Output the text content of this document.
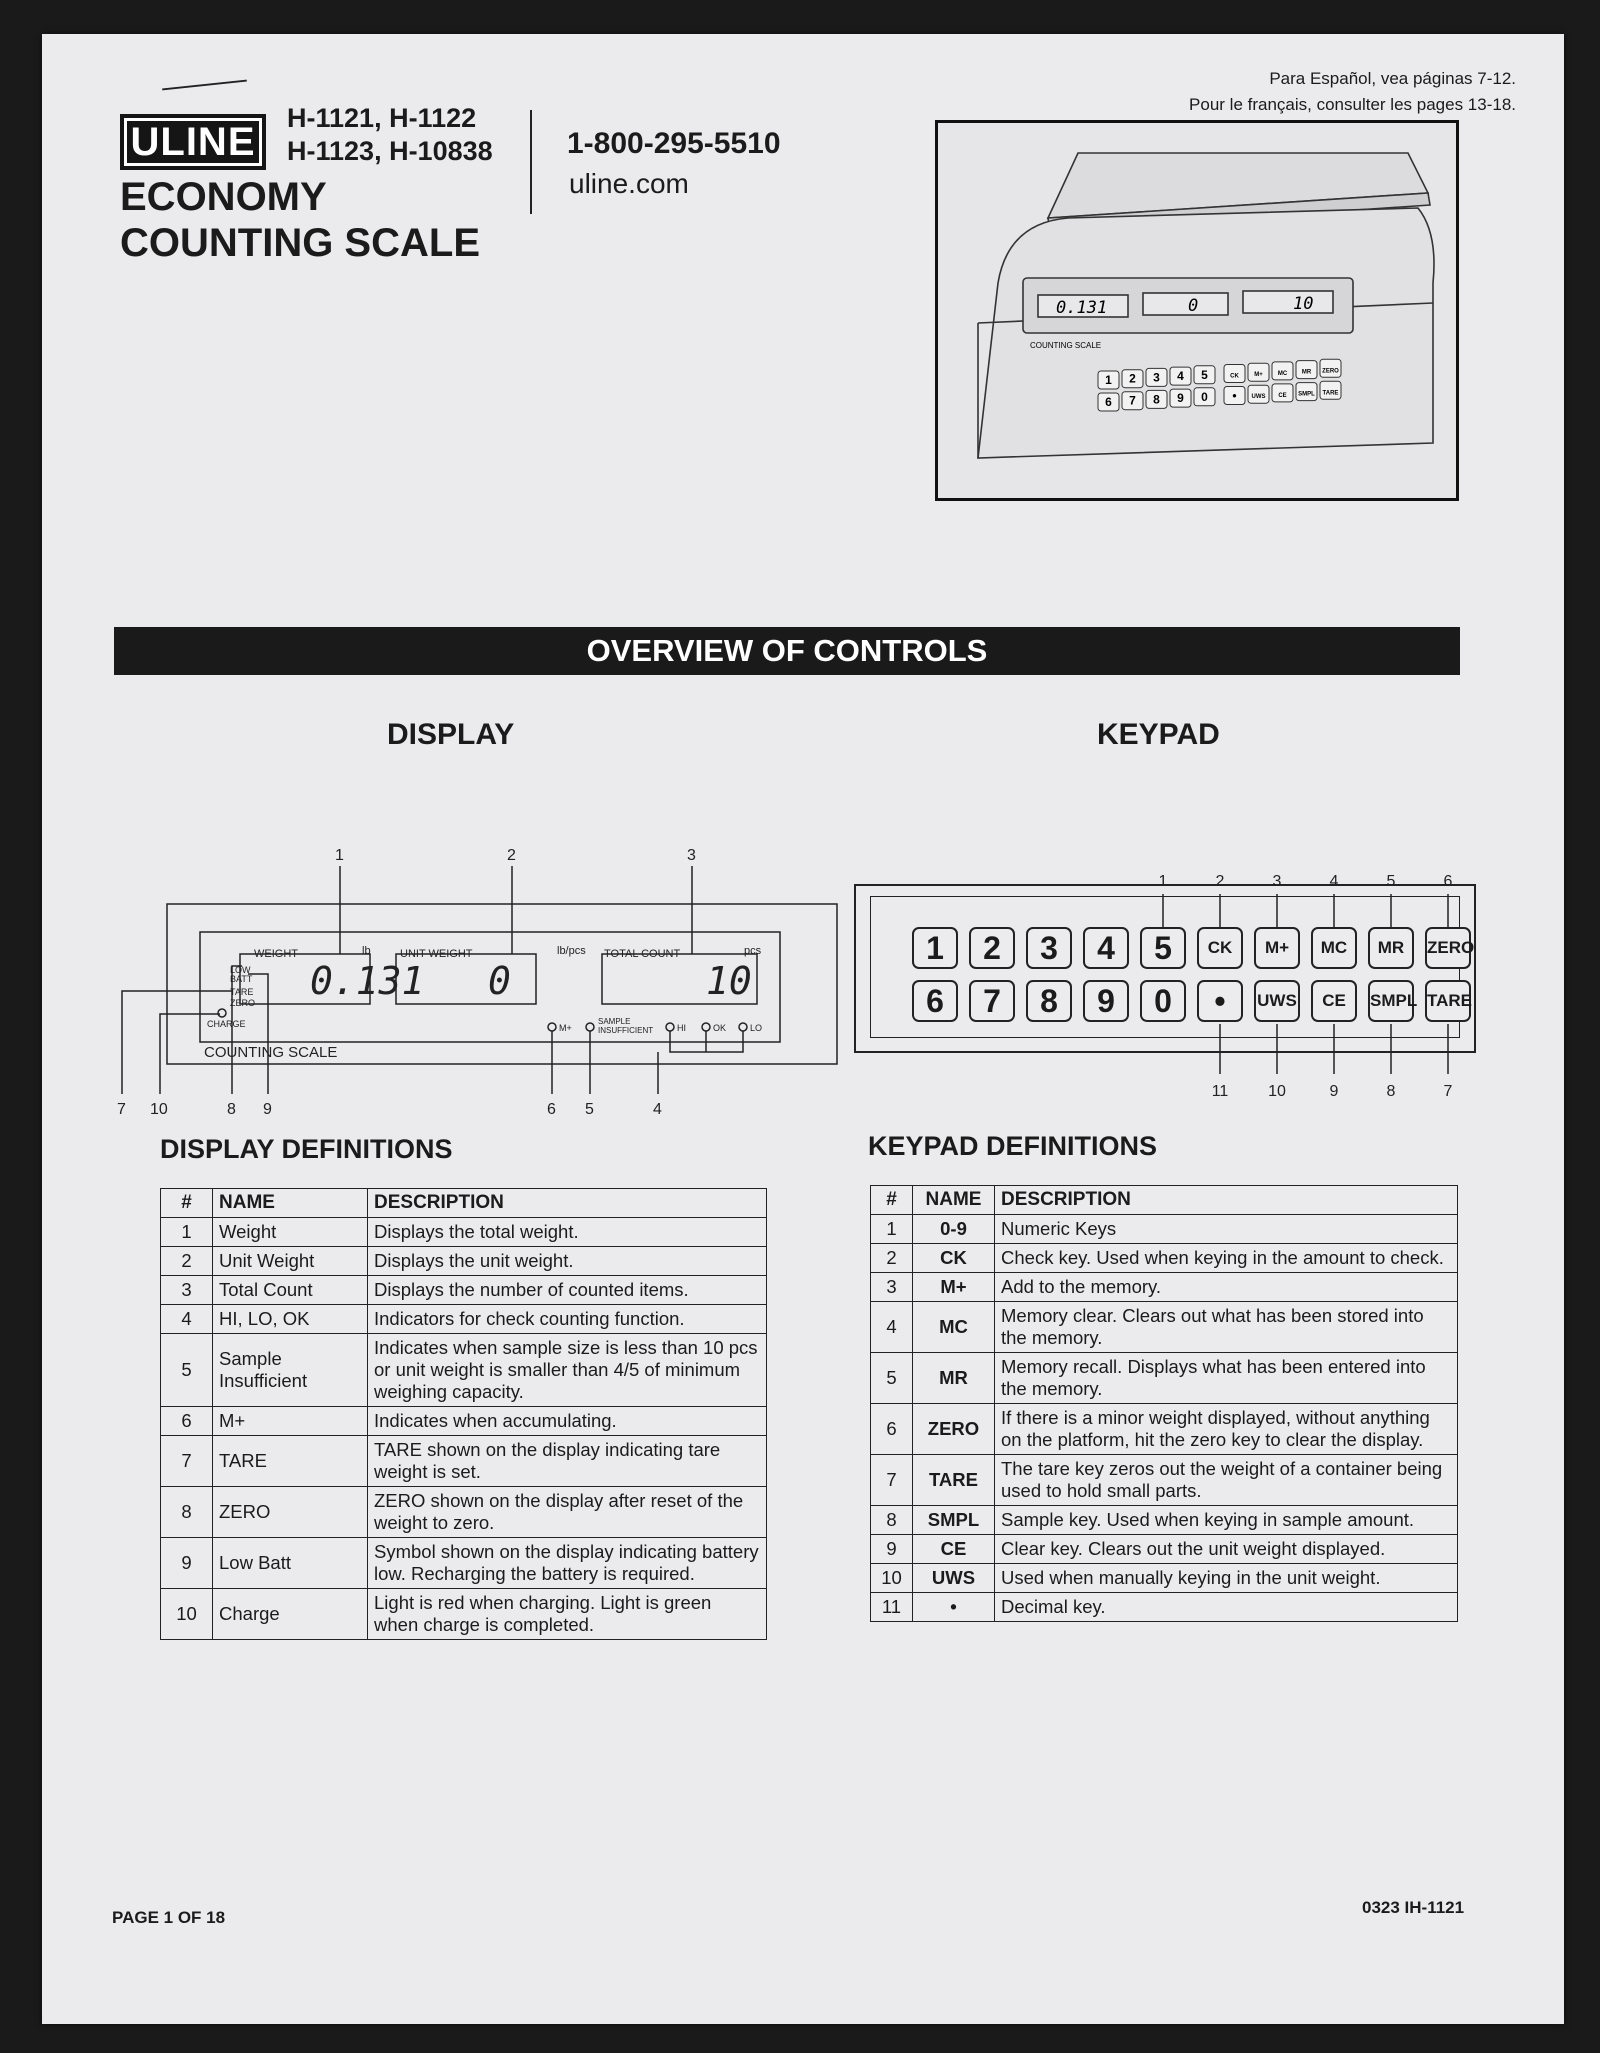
ULINE
H-1121, H-1122
H-1123, H-10838
ECONOMY
COUNTING SCALE
1-800-295-5510
uline.com
Para Español, vea páginas 7-12.
Pour le français, consulter les pages 13-18.
0.131	0	10
COUNTING SCALE
1 2 3 4 5	CK	M+	MC MR ZERO
6 7 8 9 0 • UWS CE SMPL TARE
OVERVIEW OF CONTROLS
DISPLAY
WEIGHT	lb	UNIT WEIGHT	lb/pcs TOTAL COUNT	pcs
0.131 0	10
LOW
BATT
TARE
ZERO
CHARGE
COUNTING SCALE
M+
SAMPLE
INSUFFICIENT	HI	OK	LO
1	2	3
7 10	8 9	6 5	4
KEYPAD
1	2	3	4	5	CK	M+	MC	MR	ZERO
6	7	8	9	0	•	UWS	CE	SMPL TARE
1	2	3	4	5	6
11 10	9	8	7
DISPLAY DEFINITIONS
#	NAME	DESCRIPTION
1	Weight	Displays the total weight.
2	Unit Weight	Displays the unit weight.
3	Total Count	Displays the number of counted items.
4	HI, LO, OK	Indicators for check counting function.
5	Sample Insufficient	Indicates when sample size is less than 10 pcs or unit weight is smaller than 4/5 of minimum weighing capacity.
6	M+	Indicates when accumulating.
7	TARE	TARE shown on the display indicating tare weight is set.
8	ZERO	ZERO shown on the display after reset of the weight to zero.
9	Low Batt	Symbol shown on the display indicating battery low. Recharging the battery is required.
10	Charge	Light is red when charging. Light is green when charge is completed.
KEYPAD DEFINITIONS
#	NAME	DESCRIPTION
1	0-9	Numeric Keys
2	CK	Check key. Used when keying in the amount to check.
3	M+	Add to the memory.
4	MC	Memory clear. Clears out what has been stored into the memory.
5	MR	Memory recall. Displays what has been entered into the memory.
6	ZERO	If there is a minor weight displayed, without anything on the platform, hit the zero key to clear the display.
7	TARE	The tare key zeros out the weight of a container being used to hold small parts.
8	SMPL	Sample key. Used when keying in sample amount.
9	CE	Clear key. Clears out the unit weight displayed.
10	UWS	Used when manually keying in the unit weight.
11	•	Decimal key.
PAGE 1 OF 18
0323 IH-1121
